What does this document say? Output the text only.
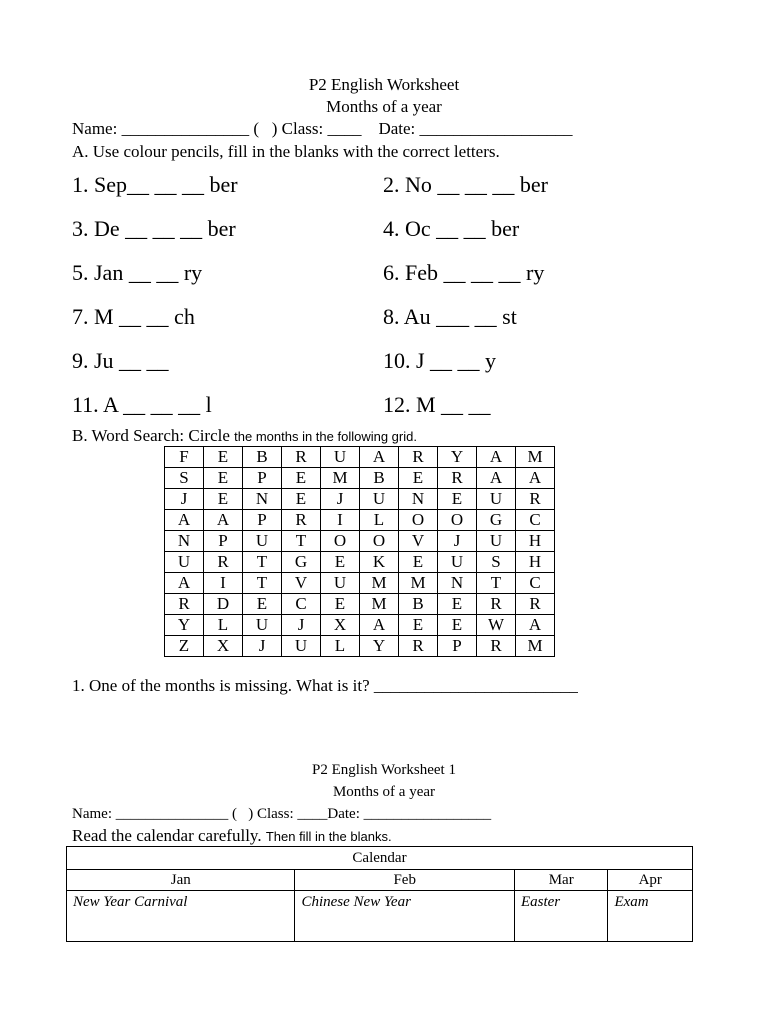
P2 English Worksheet
Months of a year
Name: _______________ (   ) Class: ____    Date: __________________
A. Use colour pencils, fill in the blanks with the correct letters.
1. Sep__ __ __ ber	2. No __ __ __ ber
3. De __ __ __ ber	4. Oc __ __ ber
5. Jan __ __ ry	6. Feb __ __ __ ry
7. M __ __ ch	8. Au ___ __ st
9. Ju __ __	10. J __ __ y
11. A __ __ __ l	12. M __ __
B. Word Search: Circle the months in the following grid.
F	E	B	R	U	A	R	Y	A	M
S	E	P	E	M	B	E	R	A	A
J	E	N	E	J	U	N	E	U	R
A	A	P	R	I	L	O	O	G	C
N	P	U	T	O	O	V	J	U	H
U	R	T	G	E	K	E	U	S	H
A	I	T	V	U	M	M	N	T	C
R	D	E	C	E	M	B	E	R	R
Y	L	U	J	X	A	E	E	W	A
Z	X	J	U	L	Y	R	P	R	M
1. One of the months is missing. What is it? ________________________
P2 English Worksheet 1
Months of a year
Name: _______________ (   ) Class: ____Date: _________________
Read the calendar carefully. Then fill in the blanks.
Calendar			
Jan	Feb	Mar	Apr
New Year Carnival	Chinese New Year	Easter	Exam
